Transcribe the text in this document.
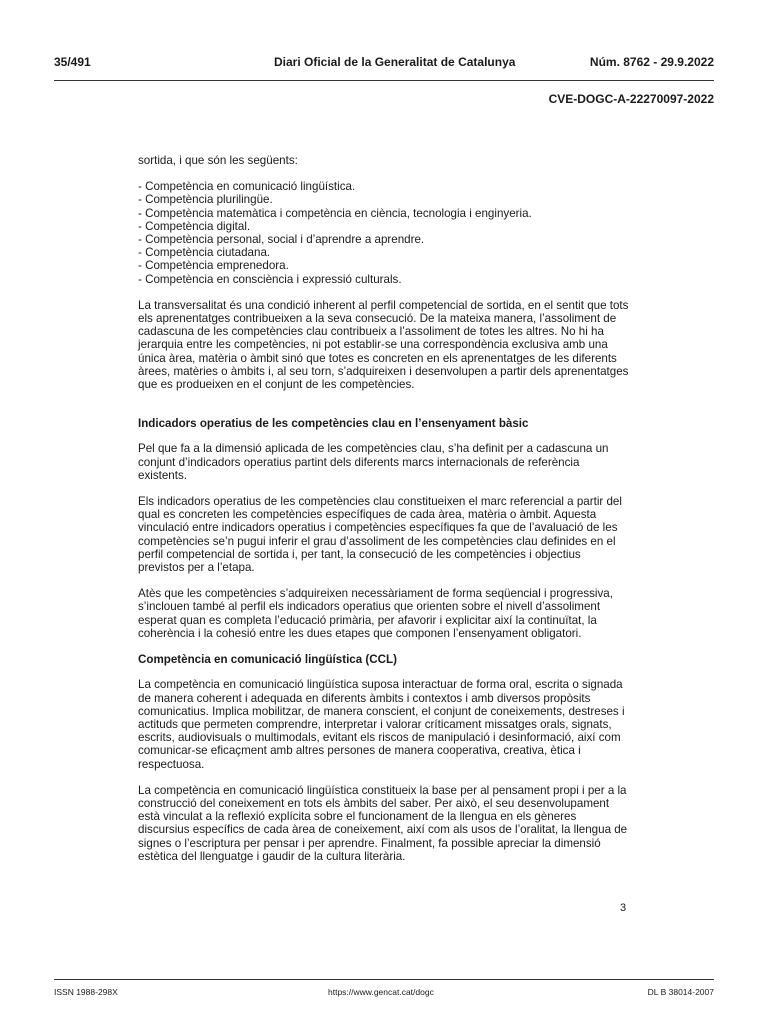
35/491	Diari Oficial de la Generalitat de Catalunya	Núm. 8762 - 29.9.2022
CVE-DOGC-A-22270097-2022

sortida, i que són les següents:

- Competència en comunicació lingüística.
- Competència plurilingüe.
- Competència matemàtica i competència en ciència, tecnologia i enginyeria.
- Competència digital.
- Competència personal, social i d’aprendre a aprendre.
- Competència ciutadana.
- Competència emprenedora.
- Competència en consciència i expressió culturals.

La transversalitat és una condició inherent al perfil competencial de sortida, en el sentit que tots els aprenentatges contribueixen a la seva consecució. De la mateixa manera, l’assoliment de cadascuna de les competències clau contribueix a l’assoliment de totes les altres. No hi ha jerarquia entre les competències, ni pot establir-se una correspondència exclusiva amb una única àrea, matèria o àmbit sinó que totes es concreten en els aprenentatges de les diferents àrees, matèries o àmbits i, al seu torn, s’adquireixen i desenvolupen a partir dels aprenentatges que es produeixen en el conjunt de les competències.

Indicadors operatius de les competències clau en l’ensenyament bàsic

Pel que fa a la dimensió aplicada de les competències clau, s’ha definit per a cadascuna un conjunt d’indicadors operatius partint dels diferents marcs internacionals de referència existents.

Els indicadors operatius de les competències clau constitueixen el marc referencial a partir del qual es concreten les competències específiques de cada àrea, matèria o àmbit. Aquesta vinculació entre indicadors operatius i competències específiques fa que de l’avaluació de les competències se’n pugui inferir el grau d’assoliment de les competències clau definides en el perfil competencial de sortida i, per tant, la consecució de les competències i objectius previstos per a l’etapa.

Atès que les competències s’adquireixen necessàriament de forma seqüencial i progressiva, s’inclouen també al perfil els indicadors operatius que orienten sobre el nivell d’assoliment esperat quan es completa l’educació primària, per afavorir i explicitar així la continuïtat, la coherència i la cohesió entre les dues etapes que componen l’ensenyament obligatori.

Competència en comunicació lingüística (CCL)

La competència en comunicació lingüística suposa interactuar de forma oral, escrita o signada de manera coherent i adequada en diferents àmbits i contextos i amb diversos propòsits comunicatius. Implica mobilitzar, de manera conscient, el conjunt de coneixements, destreses i actituds que permeten comprendre, interpretar i valorar críticament missatges orals, signats, escrits, audiovisuals o multimodals, evitant els riscos de manipulació i desinformació, així com comunicar-se eficaçment amb altres persones de manera cooperativa, creativa, ètica i respectuosa.

La competència en comunicació lingüística constitueix la base per al pensament propi i per a la construcció del coneixement en tots els àmbits del saber. Per això, el seu desenvolupament està vinculat a la reflexió explícita sobre el funcionament de la llengua en els gèneres discursius específics de cada àrea de coneixement, així com als usos de l’oralitat, la llengua de signes o l’escriptura per pensar i per aprendre. Finalment, fa possible apreciar la dimensió estètica del llenguatge i gaudir de la cultura literària.

3
ISSN 1988-298X	https://www.gencat.cat/dogc	DL B 38014-2007
